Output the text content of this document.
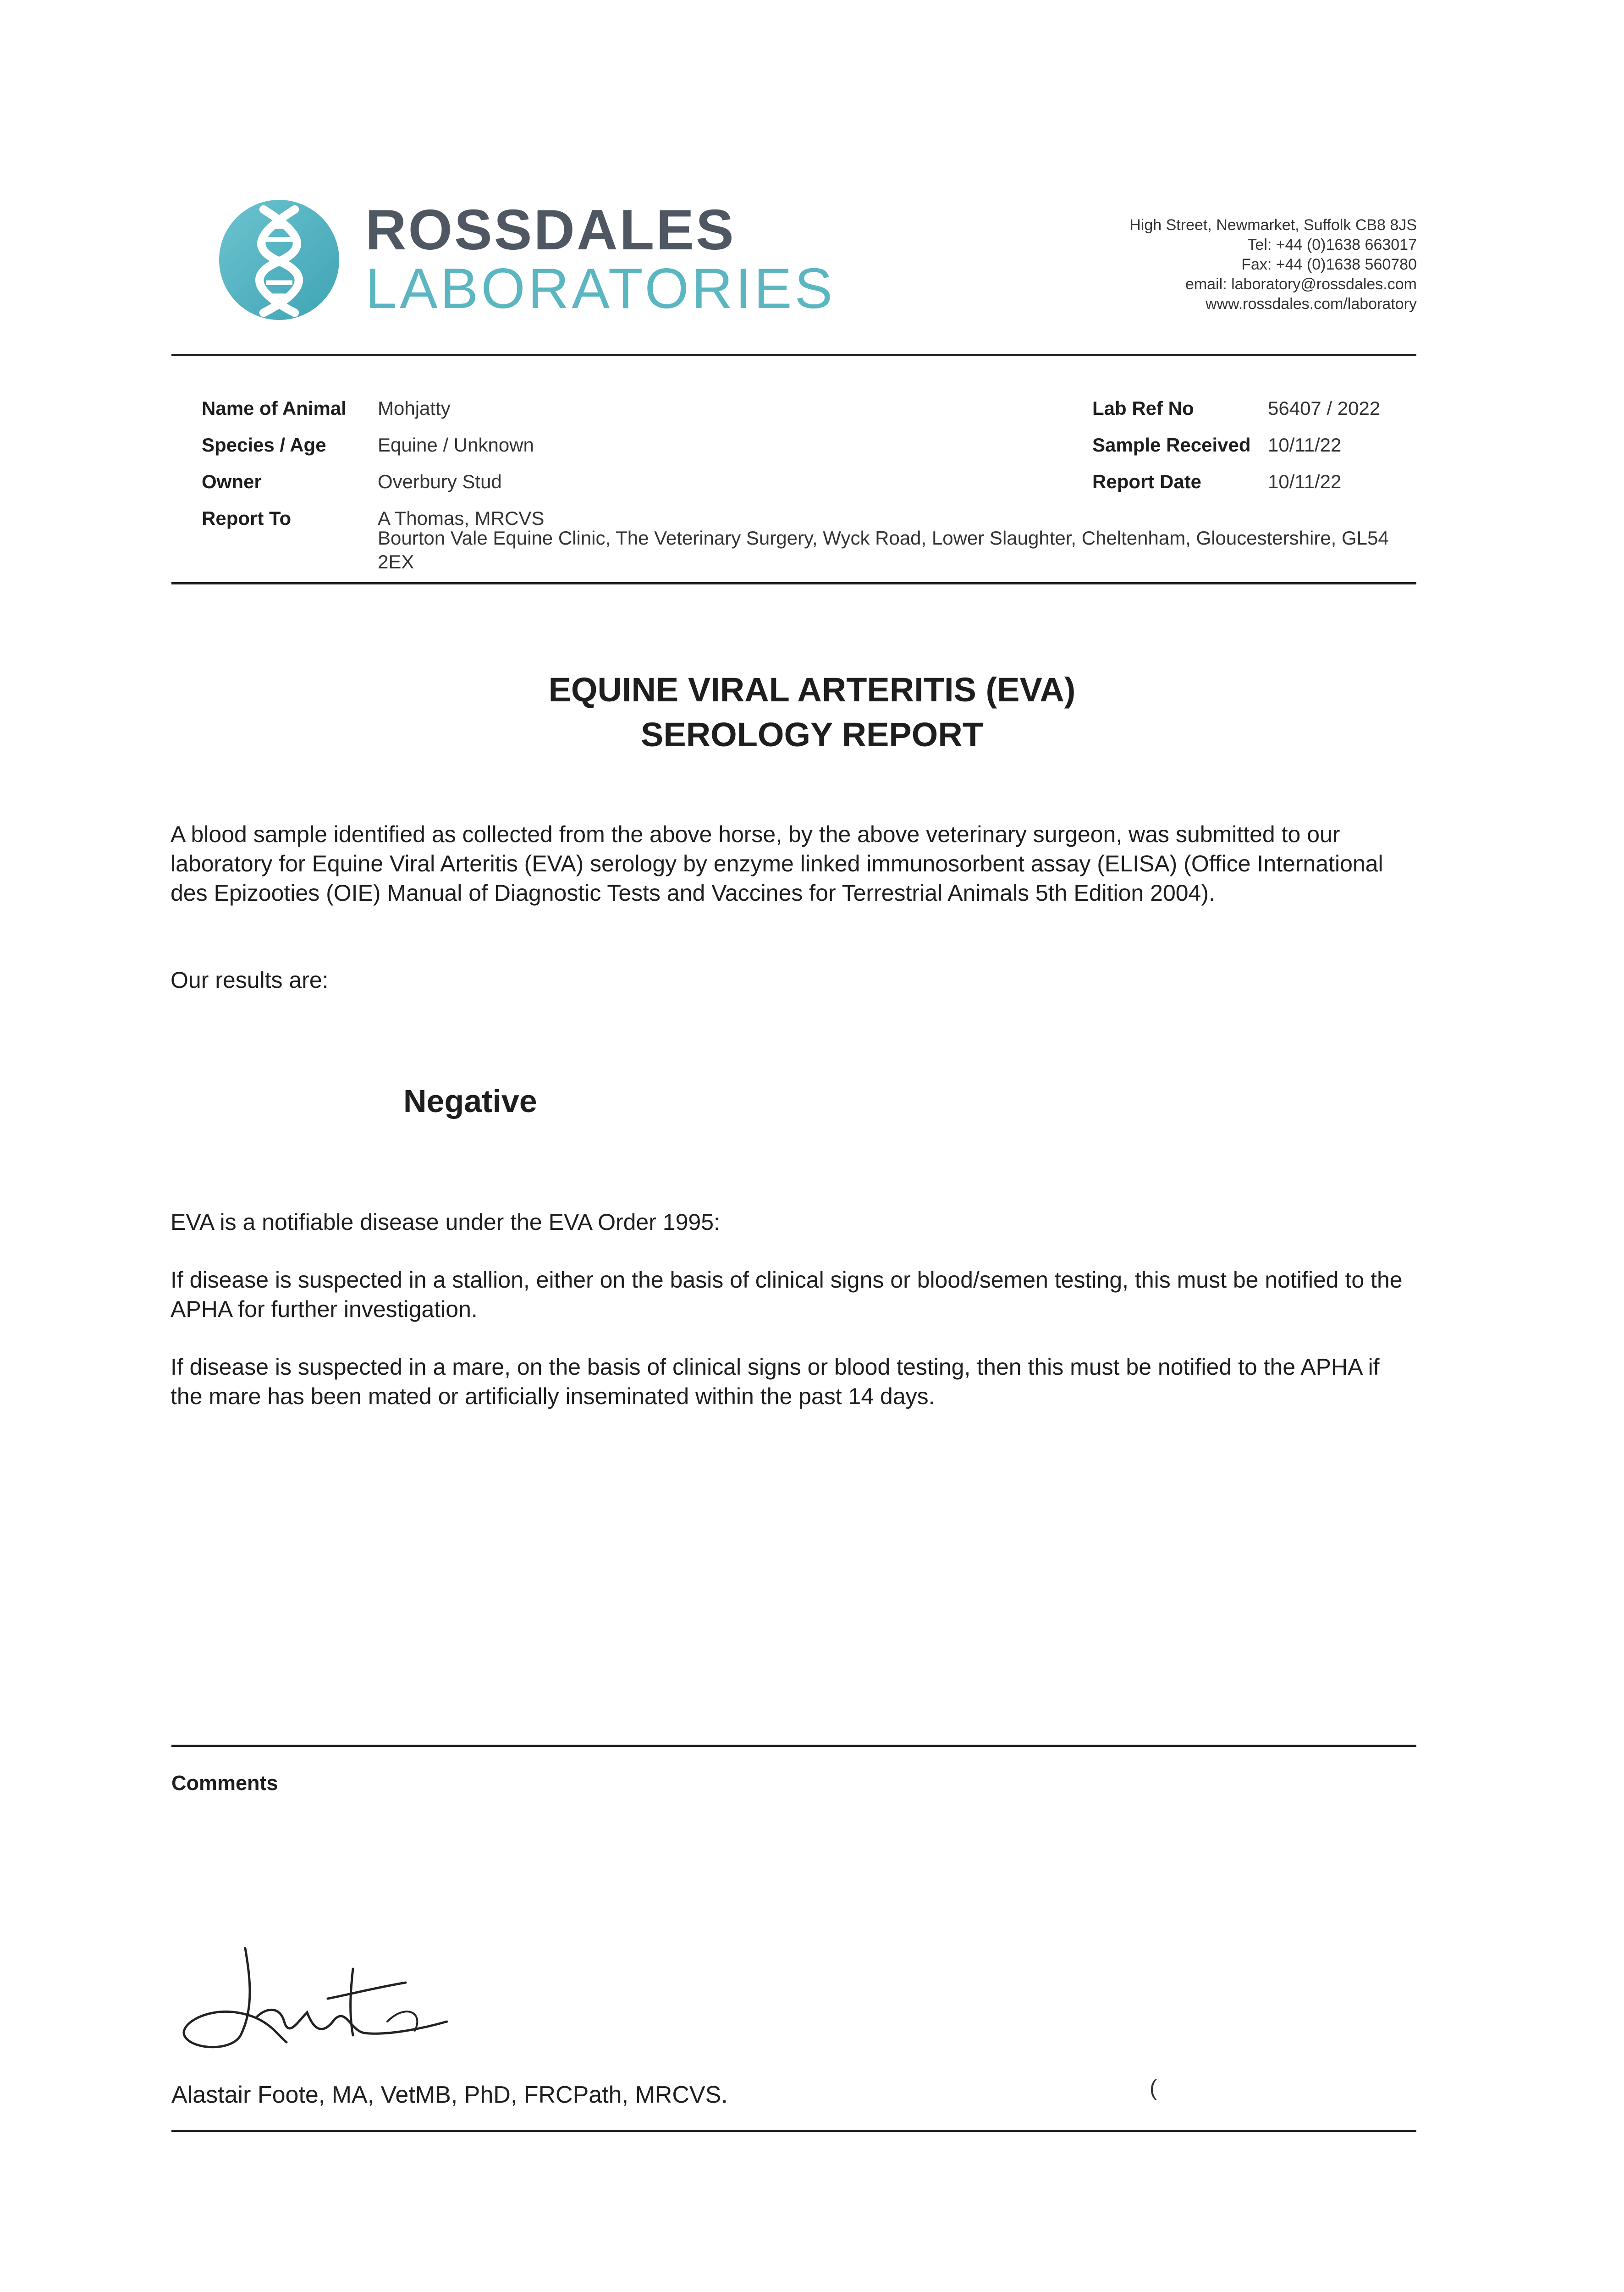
ROSSDALES
LABORATORIES
High Street, Newmarket, Suffolk CB8 8JS
Tel: +44 (0)1638 663017
Fax: +44 (0)1638 560780
email: laboratory@rossdales.com
www.rossdales.com/laboratory
Name of Animal Mohjatty
Species / Age	Equine / Unknown
Owner	Overbury Stud
Report To	A Thomas, MRCVS
Bourton Vale Equine Clinic, The Veterinary Surgery, Wyck Road, Lower Slaughter, Cheltenham, Gloucestershire, GL54 2EX
Lab Ref No	56407 / 2022
Sample Received 10/11/22
Report Date	10/11/22
EQUINE VIRAL ARTERITIS (EVA)
SEROLOGY REPORT
A blood sample identified as collected from the above horse, by the above veterinary surgeon, was submitted to our laboratory for Equine Viral Arteritis (EVA) serology by enzyme linked immunosorbent assay (ELISA) (Office International des Epizooties (OIE) Manual of Diagnostic Tests and Vaccines for Terrestrial Animals 5th Edition 2004).
Our results are:
Negative
EVA is a notifiable disease under the EVA Order 1995:
If disease is suspected in a stallion, either on the basis of clinical signs or blood/semen testing, this must be notified to the APHA for further investigation.
If disease is suspected in a mare, on the basis of clinical signs or blood testing, then this must be notified to the APHA if the mare has been mated or artificially inseminated within the past 14 days.
Comments
Alastair Foote, MA, VetMB, PhD, FRCPath, MRCVS.	(
